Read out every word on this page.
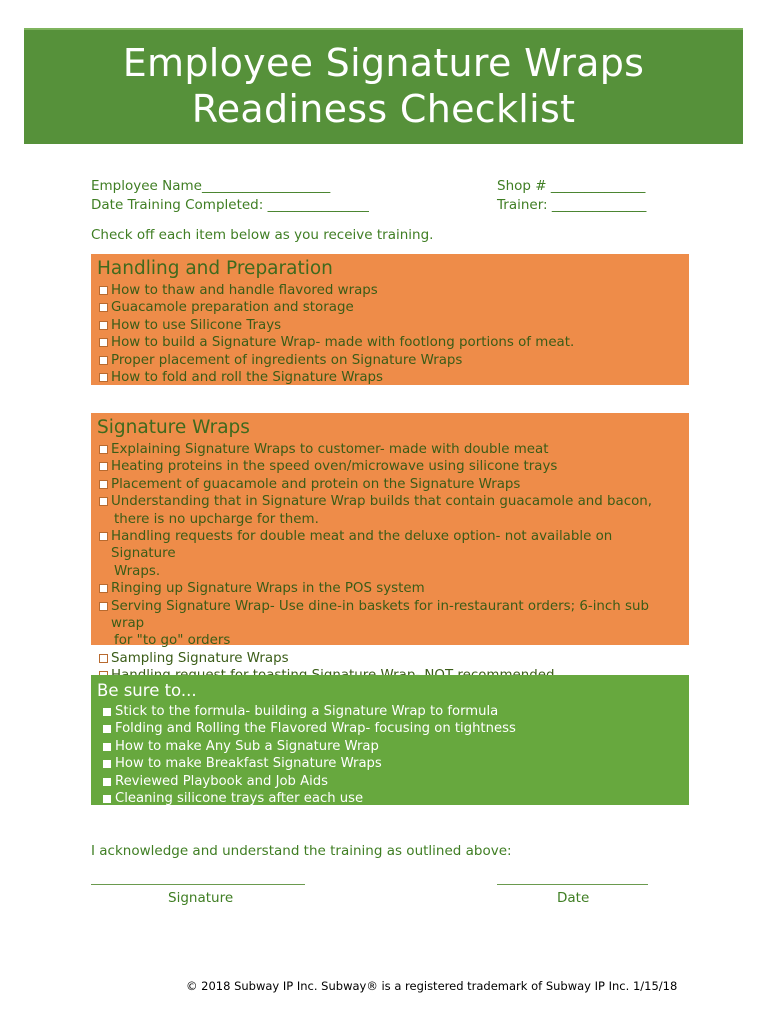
Employee Signature Wraps
Readiness Checklist
Employee Name___________________
Date Training Completed: _______________
Shop # ______________
Trainer: ______________
Check off each item below as you receive training.
Handling and Preparation
How to thaw and handle flavored wraps
Guacamole preparation and storage
How to use Silicone Trays
How to build a Signature Wrap- made with footlong portions of meat.
Proper placement of ingredients on Signature Wraps
How to fold and roll the Signature Wraps
Signature Wraps
Explaining Signature Wraps to customer- made with double meat
Heating proteins in the speed oven/microwave using silicone trays
Placement of guacamole and protein on the Signature Wraps
Understanding that in Signature Wrap builds that contain guacamole and bacon,
there is no upcharge for them.
Handling requests for double meat and the deluxe option- not available on Signature
Wraps.
Ringing up Signature Wraps in the POS system
Serving Signature Wrap- Use dine-in baskets for in-restaurant orders; 6-inch sub wrap
for "to go" orders
Sampling Signature Wraps
Be sure to...
Stick to the formula- building a Signature Wrap to formula
Folding and Rolling the Flavored Wrap- focusing on tightness
How to make Any Sub a Signature Wrap
How to make Breakfast Signature Wraps
Reviewed Playbook and Job Aids
Cleaning silicone trays after each use
I acknowledge and understand the training as outlined above:
Signature	Date
© 2018 Subway IP Inc. Subway® is a registered trademark of Subway IP Inc. 1/15/18
